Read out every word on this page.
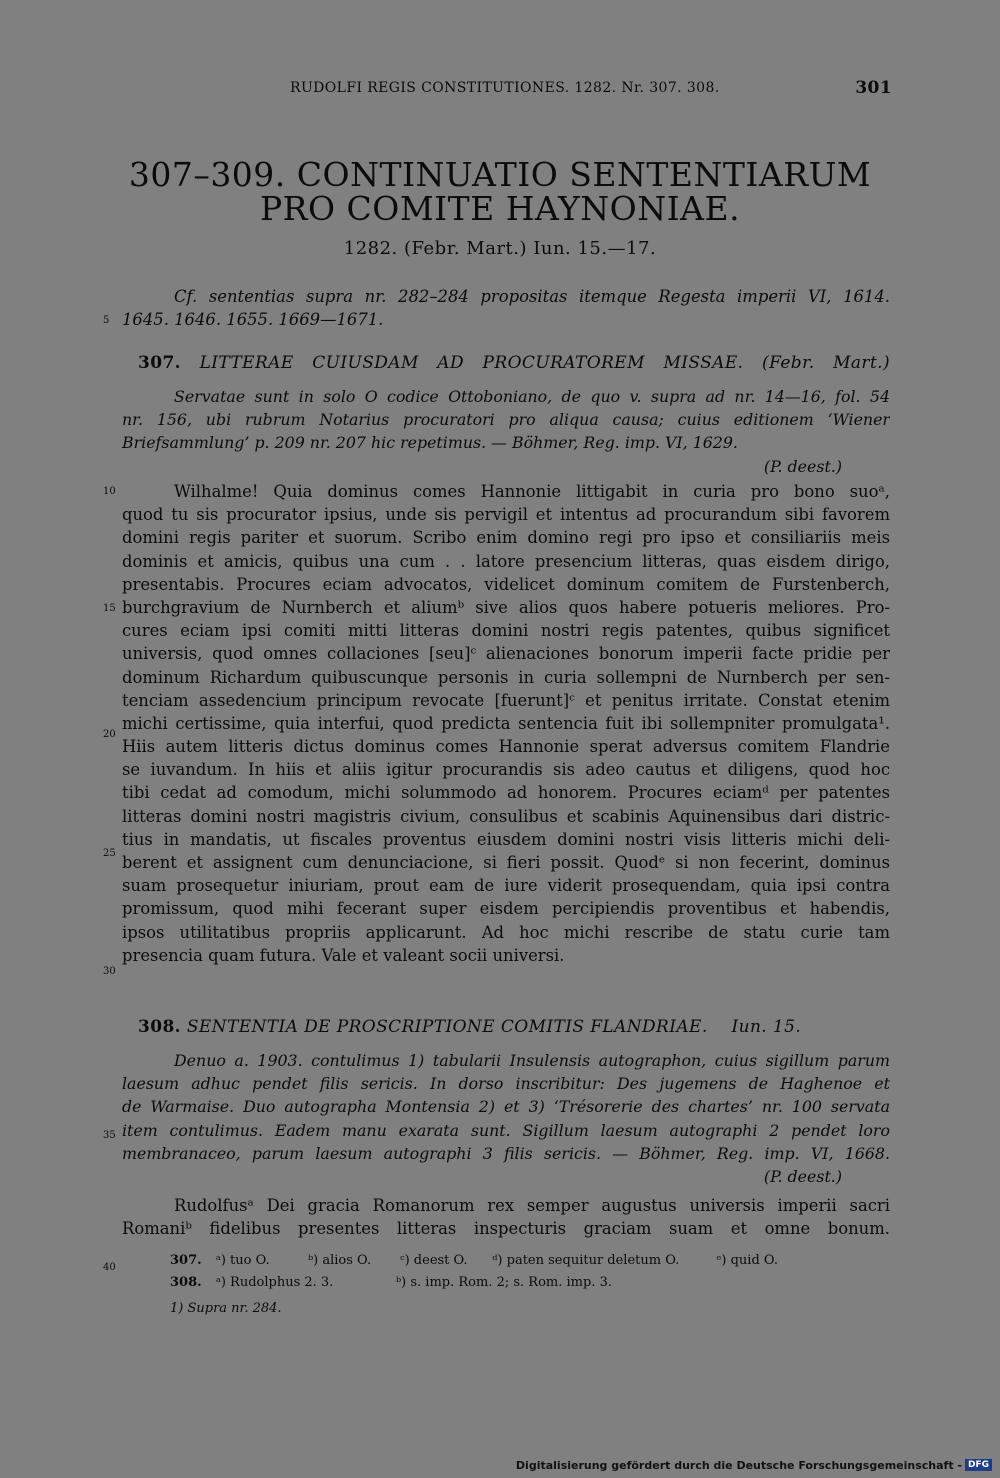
RUDOLFI REGIS CONSTITUTIONES. 1282. Nr. 307. 308.	301
307–309. CONTINUATIO SENTENTIARUM
PRO COMITE HAYNONIAE.
1282. (Febr. Mart.) Iun. 15.—17.
Cf. sententias supra nr. 282–284 propositas itemque Regesta imperii VI, 1614.
1645. 1646. 1655. 1669—1671.
307. LITTERAE CUIUSDAM AD PROCURATOREM MISSAE. (Febr. Mart.)
Servatae sunt in solo O codice Ottoboniano, de quo v. supra ad nr. 14—16, fol. 54
nr. 156, ubi rubrum Notarius procuratori pro aliqua causa; cuius editionem ‘Wiener
Briefsammlung’ p. 209 nr. 207 hic repetimus. — Böhmer, Reg. imp. VI, 1629.
(P. deest.)
Wilhalme! Quia dominus comes Hannonie littigabit in curia pro bono suoᵃ,
quod tu sis procurator ipsius, unde sis pervigil et intentus ad procurandum sibi favorem
domini regis pariter et suorum. Scribo enim domino regi pro ipso et consiliariis meis
dominis et amicis, quibus una cum . . latore presencium litteras, quas eisdem dirigo,
presentabis. Procures eciam advocatos, videlicet dominum comitem de Furstenberch,
burchgravium de Nurnberch et aliumᵇ sive alios quos habere potueris meliores. Pro-
cures eciam ipsi comiti mitti litteras domini nostri regis patentes, quibus significet
universis, quod omnes collaciones [seu]ᶜ alienaciones bonorum imperii facte pridie per
dominum Richardum quibuscunque personis in curia sollempni de Nurnberch per sen-
tenciam assedencium principum revocate [fuerunt]ᶜ et penitus irritate. Constat etenim
michi certissime, quia interfui, quod predicta sentencia fuit ibi sollempniter promulgata¹.
Hiis autem litteris dictus dominus comes Hannonie sperat adversus comitem Flandrie
se iuvandum. In hiis et aliis igitur procurandis sis adeo cautus et diligens, quod hoc
tibi cedat ad comodum, michi solummodo ad honorem. Procures eciamᵈ per patentes
litteras domini nostri magistris civium, consulibus et scabinis Aquinensibus dari distric-
tius in mandatis, ut fiscales proventus eiusdem domini nostri visis litteris michi deli-
berent et assignent cum denunciacione, si fieri possit. Quodᵉ si non fecerint, dominus
suam prosequetur iniuriam, prout eam de iure viderit prosequendam, quia ipsi contra
promissum, quod mihi fecerant super eisdem percipiendis proventibus et habendis,
ipsos utilitatibus propriis applicarunt. Ad hoc michi rescribe de statu curie tam
presencia quam futura. Vale et valeant socii universi.
308. SENTENTIA DE PROSCRIPTIONE COMITIS FLANDRIAE. Iun. 15.
Denuo a. 1903. contulimus 1) tabularii Insulensis autographon, cuius sigillum parum
laesum adhuc pendet filis sericis. In dorso inscribitur: Des jugemens de Haghenoe et
de Warmaise. Duo autographa Montensia 2) et 3) ‘Trésorerie des chartes’ nr. 100 servata
item contulimus. Eadem manu exarata sunt. Sigillum laesum autographi 2 pendet loro
membranaceo, parum laesum autographi 3 filis sericis. — Böhmer, Reg. imp. VI, 1668.
(P. deest.)
Rudolfusᵃ Dei gracia Romanorum rex semper augustus universis imperii sacri
Romaniᵇ fidelibus presentes litteras inspecturis graciam suam et omne bonum.
5
10
15
20
25
30
35
40	307. ᵃ) tuo O.	ᵇ) alios O. ᶜ) deest O. ᵈ) paten sequitur deletum O.	ᵉ) quid O.
308. ᵃ) Rudolphus 2. 3.	ᵇ) s. imp. Rom. 2; s. Rom. imp. 3.
1) Supra nr. 284.
Digitalisierung gefördert durch die Deutsche Forschungsgemeinschaft - DFG
